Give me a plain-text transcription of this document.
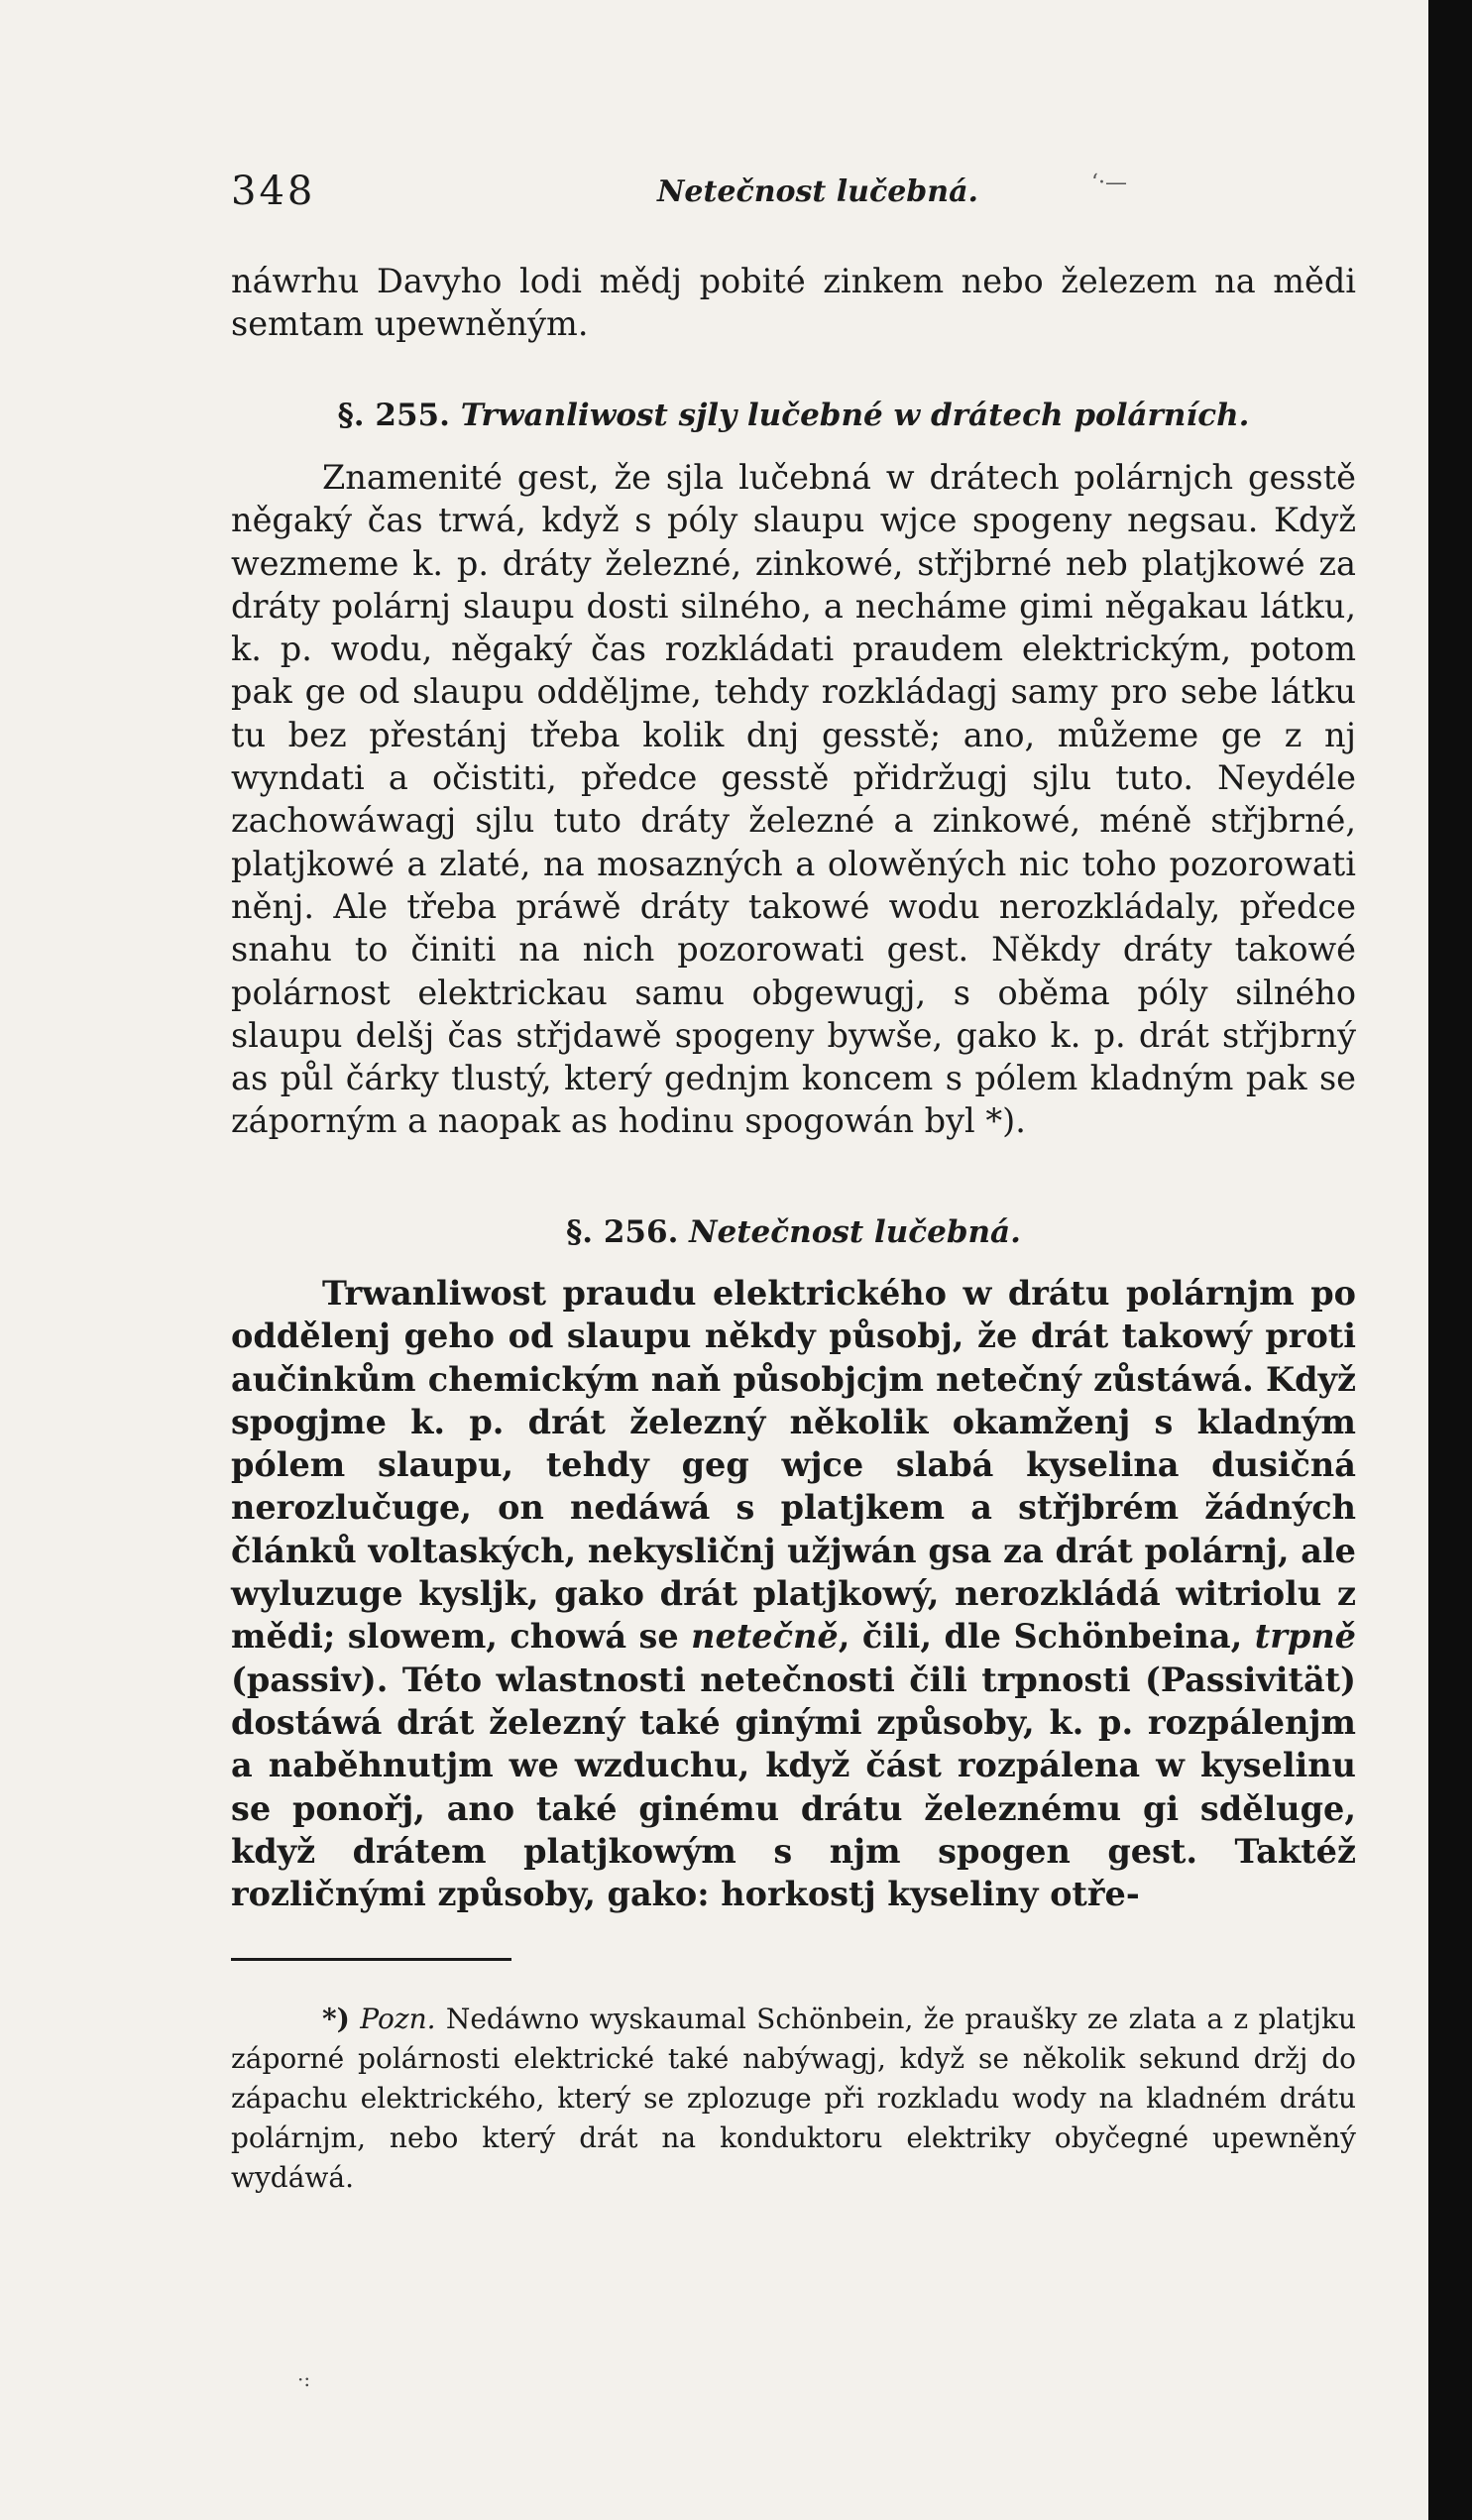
348	Netečnost lučebná.	‘·—

náwrhu Davyho lodi mědj pobité zinkem nebo železem na mědi semtam upewněným.

§. 255. Trwanliwost sjly lučebné w drátech polárních.

Znamenité gest, že sjla lučebná w drátech polárnjch gesstě něgaký čas trwá, když s póly slaupu wjce spogeny negsau. Když wezmeme k. p. dráty železné, zinkowé, střjbrné neb platjkowé za dráty polárnj slaupu dosti silného, a necháme gimi něgakau látku, k. p. wodu, něgaký čas rozkládati praudem elektrickým, potom pak ge od slaupu odděljme, tehdy rozkládagj samy pro sebe látku tu bez přestánj třeba kolik dnj gesstě; ano, můžeme ge z nj wyndati a očistiti, předce gesstě přidržugj sjlu tuto. Neydéle zachowáwagj sjlu tuto dráty železné a zinkowé, méně střjbrné, platjkowé a zlaté, na mosazných a olowěných nic toho pozorowati něnj. Ale třeba práwě dráty takowé wodu nerozkládaly, předce snahu to činiti na nich pozorowati gest. Někdy dráty takowé polárnost elektrickau samu obgewugj, s oběma póly silného slaupu delšj čas střjdawě spogeny bywše, gako k. p. drát střjbrný as půl čárky tlustý, který gednjm koncem s pólem kladným pak se záporným a naopak as hodinu spogowán byl *).

§. 256. Netečnost lučebná.

Trwanliwost praudu elektrického w drátu polárnjm po oddělenj geho od slaupu někdy působj, že drát takowý proti aučinkům chemickým naň působjcjm netečný zůstáwá. Když spogjme k. p. drát železný několik okamženj s kladným pólem slaupu, tehdy geg wjce slabá kyselina dusičná nerozlučuge, on nedáwá s platjkem a střjbrém žádných článků voltaských, nekysličnj užjwán gsa za drát polárnj, ale wyluzuge kysljk, gako drát platjkowý, nerozkládá witriolu z mědi; slowem, chowá se netečně, čili, dle Schönbeina, trpně (passiv). Této wlastnosti netečnosti čili trpnosti (Passivität) dostáwá drát železný také ginými způsoby, k. p. rozpálenjm a naběhnutjm we wzduchu, když část rozpálena w kyselinu se ponořj, ano také ginému drátu železnému gi sděluge, když drátem platjkowým s njm spogen gest. Taktéž rozličnými způsoby, gako: horkostj kyseliny otře-

*) Pozn. Nedáwno wyskaumal Schönbein, že praušky ze zlata a z platjku záporné polárnosti elektrické také nabýwagj, když se několik sekund držj do zápachu elektrického, který se zplozuge při rozkladu wody na kladném drátu polárnjm, nebo který drát na konduktoru elektriky obyčegné upewněný wydáwá.

·:
